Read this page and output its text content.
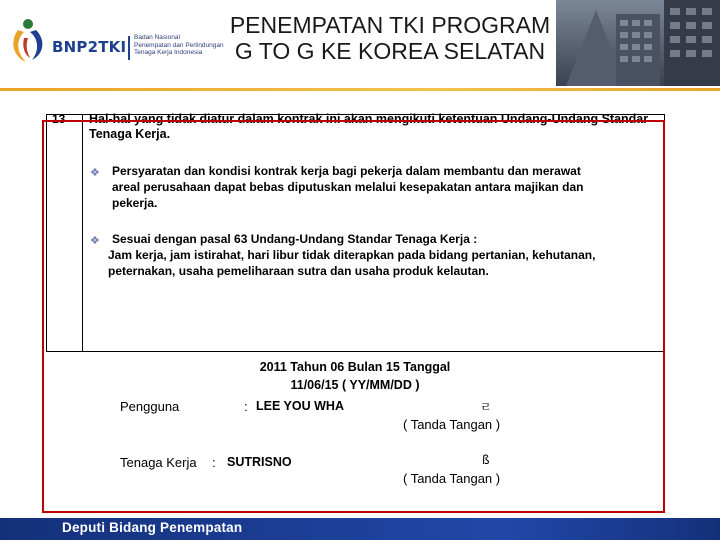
BNP2TKI
Badan Nasional
Penempatan dan Perlindungan
Tenaga Kerja Indonesia
PENEMPATAN TKI PROGRAM
G TO G KE KOREA SELATAN
13 Hal-hal yang tidak diatur dalam kontrak ini akan mengikuti ketentuan Undang-Undang Standar Tenaga Kerja.
❖ Persyaratan dan kondisi kontrak kerja bagi pekerja dalam membantu dan merawat
areal perusahaan dapat bebas diputuskan melalui kesepakatan antara majikan dan
pekerja.
❖	Sesuai dengan pasal 63 Undang-Undang Standar Tenaga Kerja :
Jam kerja, jam istirahat, hari libur tidak diterapkan pada bidang pertanian, kehutanan,
peternakan, usaha pemeliharaan sutra dan usaha produk kelautan.
2011 Tahun 06 Bulan 15 Tanggal
11/06/15 ( YY/MM/DD )
Pengguna	: LEE YOU WHA	ㄹ
( Tanda Tangan )
Tenaga Kerja : SUTRISNO	ß
( Tanda Tangan )
Deputi Bidang Penempatan
